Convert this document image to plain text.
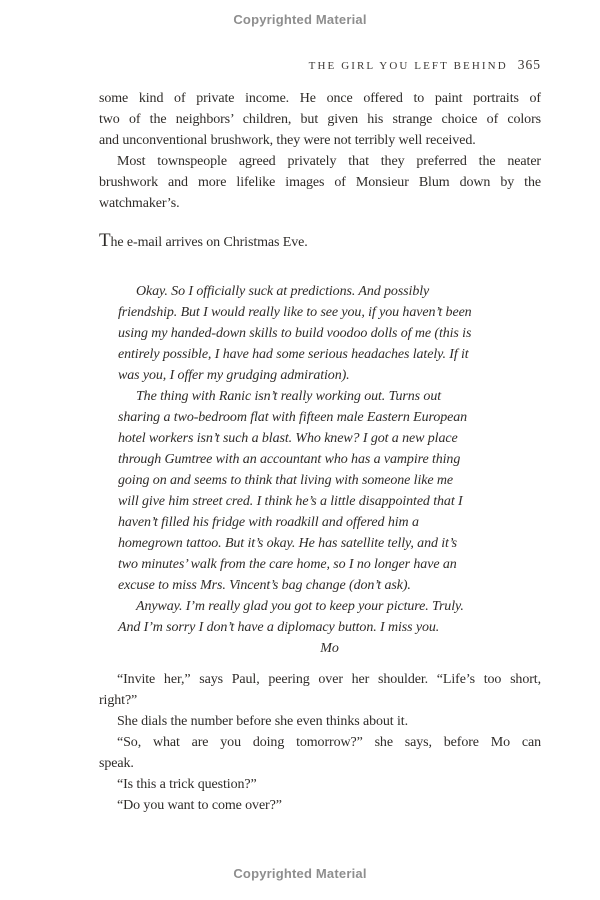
Copyrighted Material
THE GIRL YOU LEFT BEHIND 365
some kind of private income. He once offered to paint portraits of
two of the neighbors’ children, but given his strange choice of colors
and unconventional brushwork, they were not terribly well received.
Most townspeople agreed privately that they preferred the neater
brushwork and more lifelike images of Monsieur Blum down by the
watchmaker’s.
The e-mail arrives on Christmas Eve.
Okay. So I officially suck at predictions. And possibly
friendship. But I would really like to see you, if you haven’t been
using my handed-down skills to build voodoo dolls of me (this is
entirely possible, I have had some serious headaches lately. If it
was you, I offer my grudging admiration).
The thing with Ranic isn’t really working out. Turns out
sharing a two-bedroom flat with fifteen male Eastern European
hotel workers isn’t such a blast. Who knew? I got a new place
through Gumtree with an accountant who has a vampire thing
going on and seems to think that living with someone like me
will give him street cred. I think he’s a little disappointed that I
haven’t filled his fridge with roadkill and offered him a
homegrown tattoo. But it’s okay. He has satellite telly, and it’s
two minutes’ walk from the care home, so I no longer have an
excuse to miss Mrs. Vincent’s bag change (don’t ask).
Anyway. I’m really glad you got to keep your picture. Truly.
And I’m sorry I don’t have a diplomacy button. I miss you.
Mo
“Invite her,” says Paul, peering over her shoulder. “Life’s too short,
right?”
She dials the number before she even thinks about it.
“So, what are you doing tomorrow?” she says, before Mo can
speak.
“Is this a trick question?”
“Do you want to come over?”
Copyrighted Material
